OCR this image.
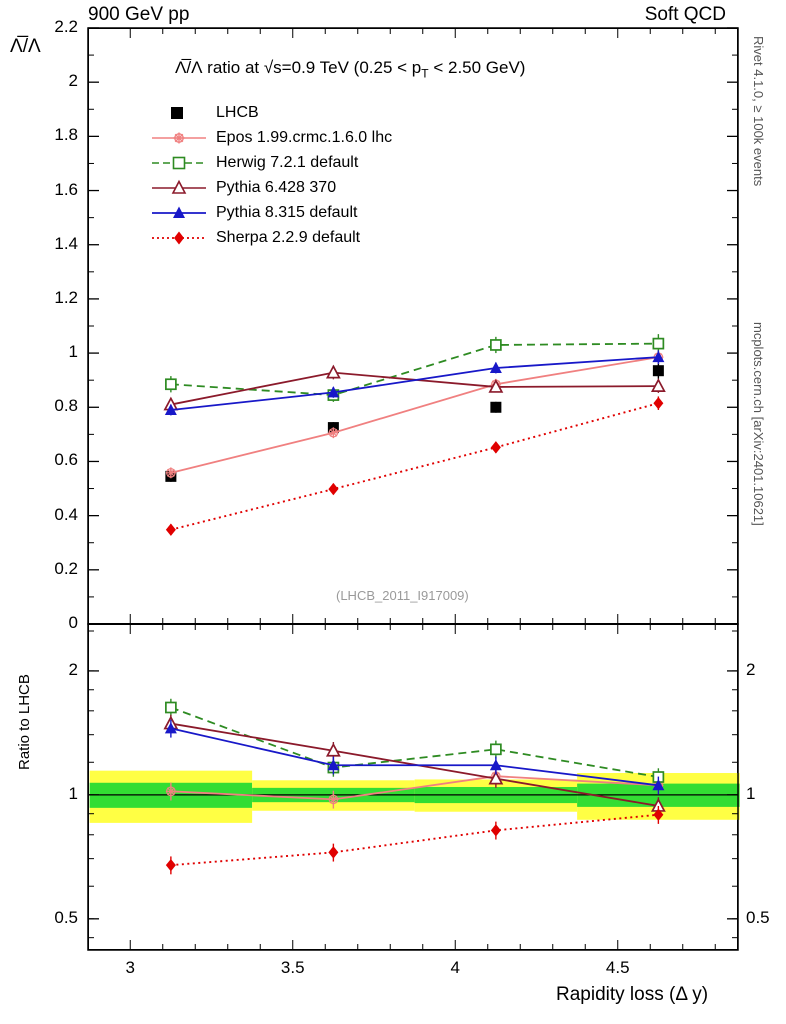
900 GeV pp	Soft QCD
Λ̅/Λ
Λ̅/Λ ratio at √s=0.9 TeV ($0.25 < p_T < 2.50$ GeV)
(LHCB_2011_I917009)
Ratio to LHCB
Rapidity loss (Δ y)
Rivet 4.1.0, ≥ 100k events
mcplots.cern.ch [arXiv:2401.10621]
LHCB
Epos 1.99.crmc.1.6.0 lhc
Herwig 7.2.1 default
Pythia 6.428 370
Pythia 8.315 default
Sherpa 2.2.9 default
0
0.2
0.4
0.6
0.8
1
1.2
1.4
1.6
1.8
2
2.2
0.5	0.5
1	1
2	2
3	3.5	4	4.5
